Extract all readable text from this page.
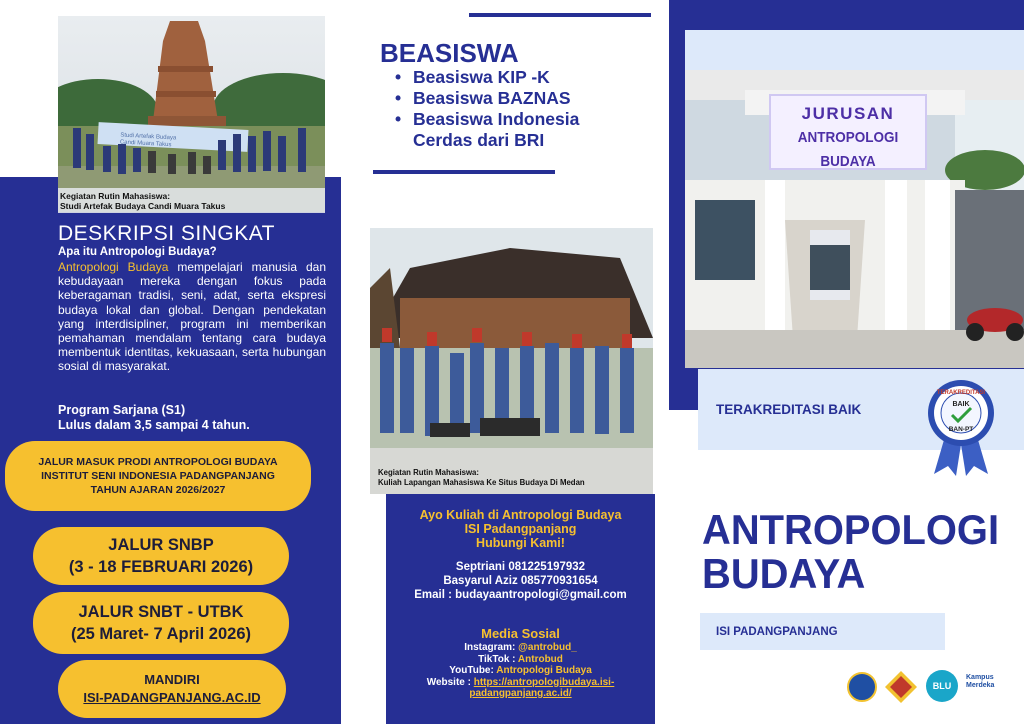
Studi Artefak Budaya
Candi Muara Takus
Kegiatan Rutin Mahasiswa:
Studi Artefak Budaya Candi Muara Takus
DESKRIPSI SINGKAT
Apa itu Antropologi Budaya?
Antropologi Budaya mempelajari manusia dan kebudayaan mereka dengan fokus pada keberagaman tradisi, seni, adat, serta ekspresi budaya lokal dan global. Dengan pendekatan yang interdisipliner, program ini memberikan pemahaman mendalam tentang cara budaya membentuk identitas, kekuasaan, serta hubungan sosial di masyarakat.
Program Sarjana (S1)
Lulus dalam 3,5 sampai 4 tahun.
JALUR MASUK PRODI ANTROPOLOGI BUDAYA
INSTITUT SENI INDONESIA PADANGPANJANG
TAHUN AJARAN 2026/2027
JALUR SNBP
(3 - 18 FEBRUARI 2026)
JALUR SNBT - UTBK
(25 Maret- 7 April 2026)
MANDIRI
ISI-PADANGPANJANG.AC.ID
BEASISWA
• Beasiswa KIP -K
• Beasiswa BAZNAS
• Beasiswa Indonesia Cerdas dari BRI
Kegiatan Rutin Mahasiswa:
Kuliah Lapangan Mahasiswa Ke Situs Budaya Di Medan
Ayo Kuliah di Antropologi Budaya
ISI Padangpanjang
Hubungi Kami!
Septriani 081225197932
Basyarul Aziz 085770931654
Email : budayaantropologi@gmail.com
Media Sosial
Instagram: @antrobud_
TikTok : Antrobud
YouTube: Antropologi Budaya
Website : https://antropologibudaya.isi-
padangpanjang.ac.id/
JURUSAN
ANTROPOLOGI BUDAYA
TERAKREDITASI BAIK
TERAKREDITASI
BAIK
BAN-PT
ANTROPOLOGI
BUDAYA
ISI PADANGPANJANG
BLU
Kampus Merdeka
